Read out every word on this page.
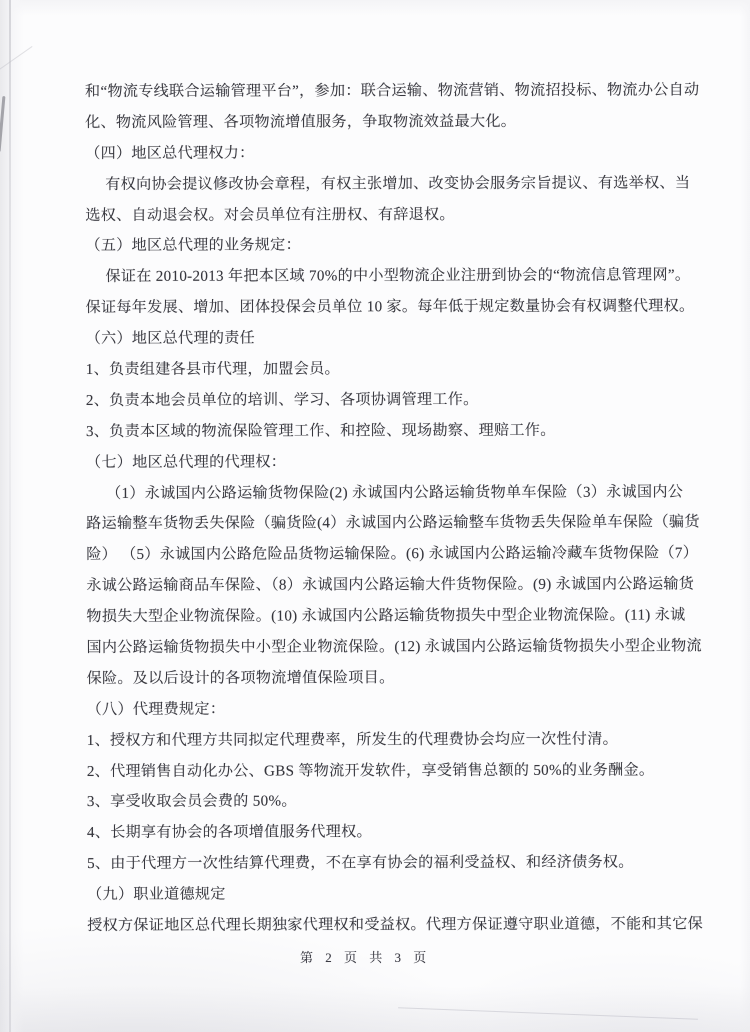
和“物流专线联合运输管理平台”，参加：联合运输、物流营销、物流招投标、物流办公自动
化、物流风险管理、各项物流增值服务，争取物流效益最大化。
（四）地区总代理权力：
有权向协会提议修改协会章程，有权主张增加、改变协会服务宗旨提议、有选举权、当
选权、自动退会权。对会员单位有注册权、有辞退权。
（五）地区总代理的业务规定：
保证在 2010-2013 年把本区域 70%的中小型物流企业注册到协会的“物流信息管理网”。
保证每年发展、增加、团体投保会员单位 10 家。每年低于规定数量协会有权调整代理权。
（六）地区总代理的责任
1、负责组建各县市代理，加盟会员。
2、负责本地会员单位的培训、学习、各项协调管理工作。
3、负责本区域的物流保险管理工作、和控险、现场勘察、理赔工作。
（七）地区总代理的代理权：
（1）永诚国内公路运输货物保险(2) 永诚国内公路运输货物单车保险（3）永诚国内公
路运输整车货物丢失保险（骗货险(4）永诚国内公路运输整车货物丢失保险单车保险（骗货
险） （5）永诚国内公路危险品货物运输保险。(6) 永诚国内公路运输冷藏车货物保险（7）
永诚公路运输商品车保险、（8）永诚国内公路运输大件货物保险。(9) 永诚国内公路运输货
物损失大型企业物流保险。(10) 永诚国内公路运输货物损失中型企业物流保险。(11) 永诚
国内公路运输货物损失中小型企业物流保险。(12) 永诚国内公路运输货物损失小型企业物流
保险。及以后设计的各项物流增值保险项目。
（八）代理费规定：
1、授权方和代理方共同拟定代理费率，所发生的代理费协会均应一次性付清。
2、代理销售自动化办公、GBS 等物流开发软件，享受销售总额的 50%的业务酬金。
3、享受收取会员会费的 50%。
4、长期享有协会的各项增值服务代理权。
5、由于代理方一次性结算代理费，不在享有协会的福利受益权、和经济债务权。
（九）职业道德规定
授权方保证地区总代理长期独家代理权和受益权。代理方保证遵守职业道德，不能和其它保
第 2 页 共 3 页
